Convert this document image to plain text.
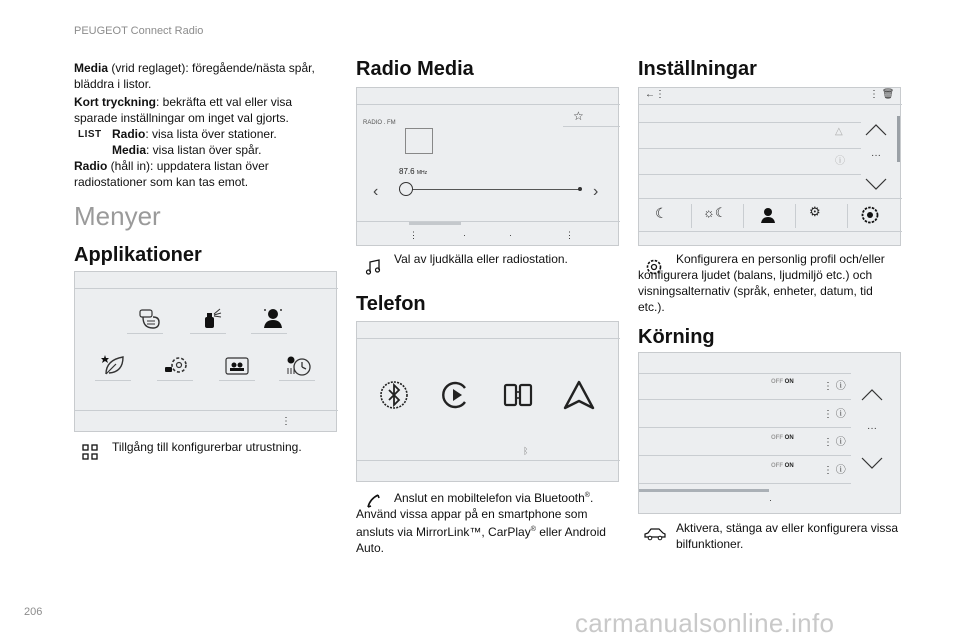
PEUGEOT Connect Radio
206
Media (vrid reglaget): föregående/nästa spår, bläddra i listor.
Kort tryckning: bekräfta ett val eller visa sparade inställningar om inget val gjorts.
LIST Radio: visa lista över stationer.
Media: visa listan över spår.
Radio (håll in): uppdatera listan över radiostationer som kan tas emot.
Menyer
Applikationer
⋮
Tillgång till konfigurerbar utrustning.
Radio Media
RADIO . FM	☆
87.6 MHz
‹	›
⋮	·	·	⋮
Val av ljudkälla eller radiostation.
Telefon
ᛒ
Anslut en mobiltelefon via Bluetooth®. Använd vissa appar på en smartphone som ansluts via MirrorLink™, CarPlay® eller Android Auto.
Inställningar
←⋮	⋮ 🗑
△
ⓘ
···
☾	☼☾	⚙
Konfigurera en personlig profil och/eller konfigurera ljudet (balans, ljudmiljö etc.) och visningsalternativ (språk, enheter, datum, tid etc.).
Körning
OFF ON	⋮ ⓘ
⋮ ⓘ
OFF ON	⋮ ⓘ
OFF ON	⋮ ⓘ
···
·
Aktivera, stänga av eller konfigurera vissa bilfunktioner.
carmanualsonline.info
